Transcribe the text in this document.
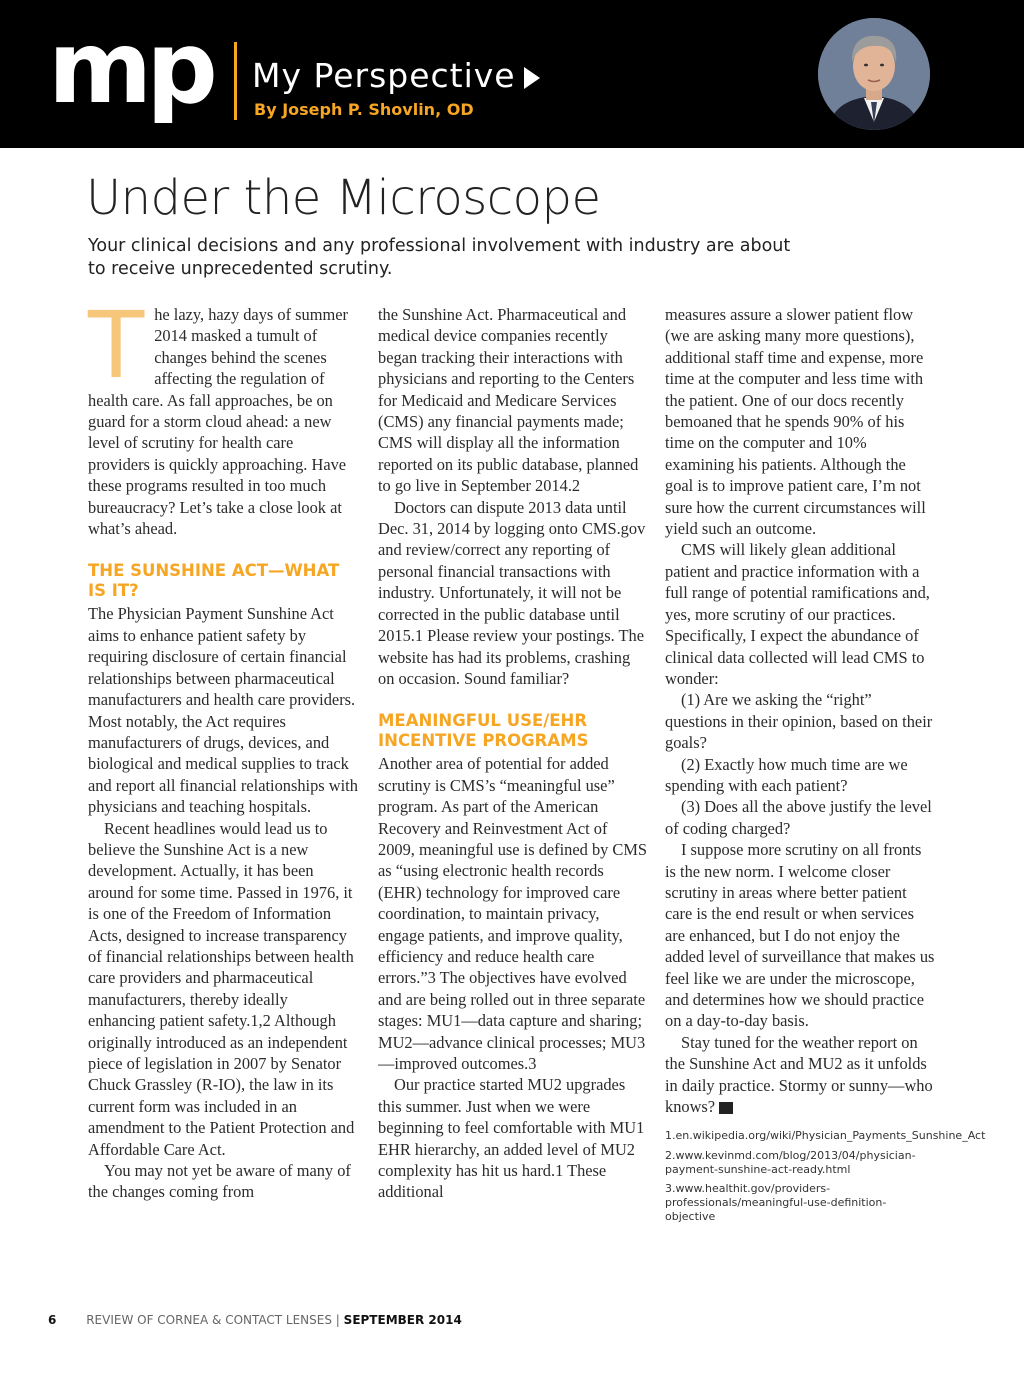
mp My Perspective
By Joseph P. Shovlin, OD
Under the Microscope
Your clinical decisions and any professional involvement with industry are about to receive unprecedented scrutiny.

The lazy, hazy days of summer 2014 masked a tumult of changes behind the scenes affecting the regulation of health care. As fall approaches, be on guard for a storm cloud ahead: a new level of scrutiny for health care providers is quickly approaching. Have these programs resulted in too much bureaucracy? Let’s take a close look at what’s ahead.

THE SUNSHINE ACT—WHAT IS IT?

The Physician Payment Sunshine Act aims to enhance patient safety by requiring disclosure of certain financial relationships between pharmaceutical manufacturers and health care providers. Most notably, the Act requires manufacturers of drugs, devices, and biological and medical supplies to track and report all financial relationships with physicians and teaching hospitals.

Recent headlines would lead us to believe the Sunshine Act is a new development. Actually, it has been around for some time. Passed in 1976, it is one of the Freedom of Information Acts, designed to increase transparency of financial relationships between health care providers and pharmaceutical manufacturers, thereby ideally enhancing patient safety.1,2 Although originally introduced as an independent piece of legislation in 2007 by Senator Chuck Grassley (R-IO), the law in its current form was included in an amendment to the Patient Protection and Affordable Care Act.

You may not yet be aware of many of the changes coming from

the Sunshine Act. Pharmaceutical and medical device companies recently began tracking their interactions with physicians and reporting to the Centers for Medicaid and Medicare Services (CMS) any financial payments made; CMS will display all the information reported on its public database, planned to go live in September 2014.2

Doctors can dispute 2013 data until Dec. 31, 2014 by logging onto CMS.gov and review/correct any reporting of personal financial transactions with industry. Unfortunately, it will not be corrected in the public database until 2015.1 Please review your postings. The website has had its problems, crashing on occasion. Sound familiar?

MEANINGFUL USE/EHR INCENTIVE PROGRAMS

Another area of potential for added scrutiny is CMS’s “meaningful use” program. As part of the American Recovery and Reinvestment Act of 2009, meaningful use is defined by CMS as “using electronic health records (EHR) technology for improved care coordination, to maintain privacy, engage patients, and improve quality, efficiency and reduce health care errors.”3 The objectives have evolved and are being rolled out in three separate stages: MU1—data capture and sharing; MU2—advance clinical processes; MU3—improved outcomes.3

Our practice started MU2 upgrades this summer. Just when we were beginning to feel comfortable with MU1 EHR hierarchy, an added level of MU2 complexity has hit us hard.1 These additional

measures assure a slower patient flow (we are asking many more questions), additional staff time and expense, more time at the computer and less time with the patient. One of our docs recently bemoaned that he spends 90% of his time on the computer and 10% examining his patients. Although the goal is to improve patient care, I’m not sure how the current circumstances will yield such an outcome.

CMS will likely glean additional patient and practice information with a full range of potential ramifications and, yes, more scrutiny of our practices. Specifically, I expect the abundance of clinical data collected will lead CMS to wonder:

(1) Are we asking the “right” questions in their opinion, based on their goals?

(2) Exactly how much time are we spending with each patient?

(3) Does all the above justify the level of coding charged?

I suppose more scrutiny on all fronts is the new norm. I welcome closer scrutiny in areas where better patient care is the end result or when services are enhanced, but I do not enjoy the added level of surveillance that makes us feel like we are under the microscope, and determines how we should practice on a day-to-day basis.

Stay tuned for the weather report on the Sunshine Act and MU2 as it unfolds in daily practice. Stormy or sunny—who knows?

1.en.wikipedia.org/wiki/Physician_Payments_Sunshine_Act
2.www.kevinmd.com/blog/2013/04/physician-payment-sunshine-act-ready.html
3.www.healthit.gov/providers-professionals/meaningful-use-definition-objective
6 REVIEW OF CORNEA & CONTACT LENSES | SEPTEMBER 2014
